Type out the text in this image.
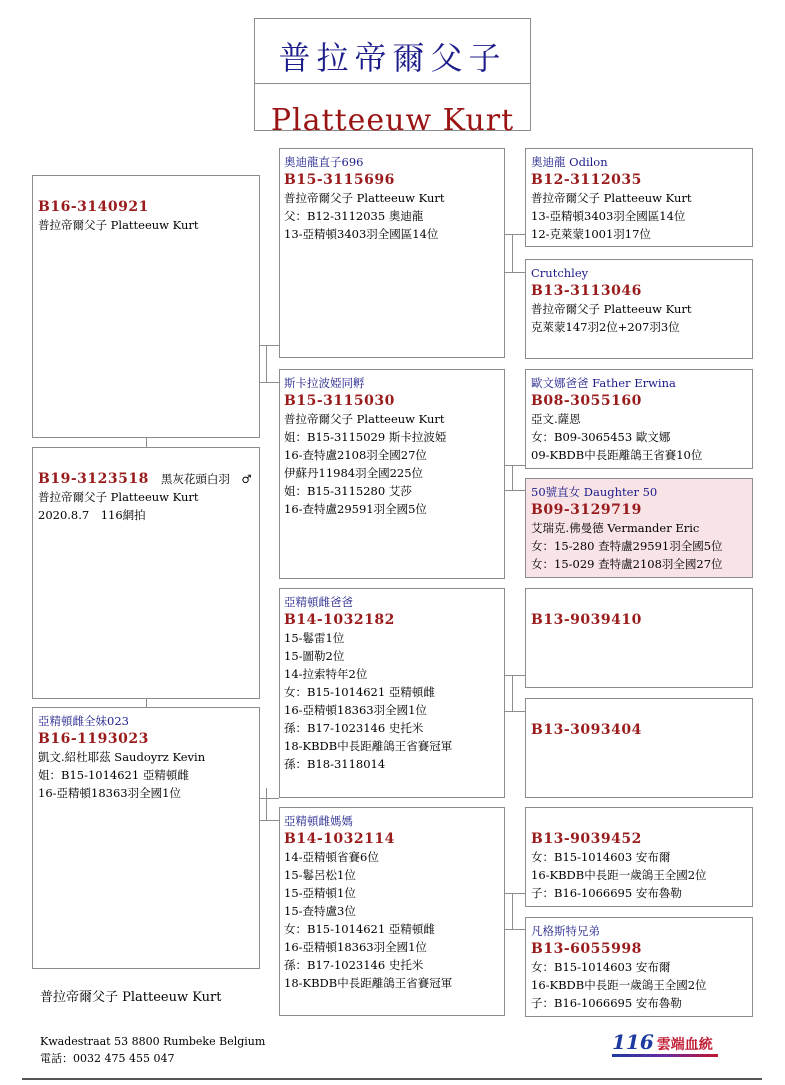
普拉帝爾父子
Platteeuw Kurt
B16-3140921
普拉帝爾父子 Platteeuw Kurt
B19-3123518 黑灰花頭白羽　♂
普拉帝爾父子 Platteeuw Kurt
2020.8.7　116網拍
亞精頓雌全妹023
B16-1193023
凱文.紹杜耶茲 Saudoyrz Kevin
姐：B15-1014621 亞精頓雌
16-亞精頓18363羽全國1位
奧迪龍直子696
B15-3115696
普拉帝爾父子 Platteeuw Kurt
父：B12-3112035 奧迪龍
13-亞精頓3403羽全國區14位
斯卡拉波婭同孵
B15-3115030
普拉帝爾父子 Platteeuw Kurt
姐：B15-3115029 斯卡拉波婭
16-查特盧2108羽全國27位
伊蘇丹11984羽全國225位
姐：B15-3115280 艾莎
16-查特盧29591羽全國5位
亞精頓雌爸爸
B14-1032182
15-鬈雷1位
15-圖勒2位
14-拉索特年2位
女：B15-1014621 亞精頓雌
16-亞精頓18363羽全國1位
孫：B17-1023146 史托米
18-KBDB中長距離鴿王省賽冠軍
孫：B18-3118014
亞精頓雌媽媽
B14-1032114
14-亞精頓省賽6位
15-鬈呂松1位
15-亞精頓1位
15-查特盧3位
女：B15-1014621 亞精頓雌
16-亞精頓18363羽全國1位
孫：B17-1023146 史托米
18-KBDB中長距離鴿王省賽冠軍
奧迪龍 Odilon
B12-3112035
普拉帝爾父子 Platteeuw Kurt
13-亞精頓3403羽全國區14位
12-克萊蒙1001羽17位
Crutchley
B13-3113046
普拉帝爾父子 Platteeuw Kurt
克萊蒙147羽2位+207羽3位
歐文娜爸爸 Father Erwina
B08-3055160
亞文.薩恩
女：B09-3065453 歐文娜
09-KBDB中長距離鴿王省賽10位
50號直女 Daughter 50
B09-3129719
艾瑞克.佛曼德 Vermander Eric
女：15-280 查特盧29591羽全國5位
女：15-029 查特盧2108羽全國27位
B13-9039410
B13-3093404
B13-9039452
女：B15-1014603 安布爾
16-KBDB中長距一歲鴿王全國2位
子：B16-1066695 安布魯勒
凡格斯特兄弟
B13-6055998
女：B15-1014603 安布爾
16-KBDB中長距一歲鴿王全國2位
子：B16-1066695 安布魯勒
普拉帝爾父子 Platteeuw Kurt
Kwadestraat 53 8800 Rumbeke Belgium
電話：0032 475 455 047
116 雲端血統
